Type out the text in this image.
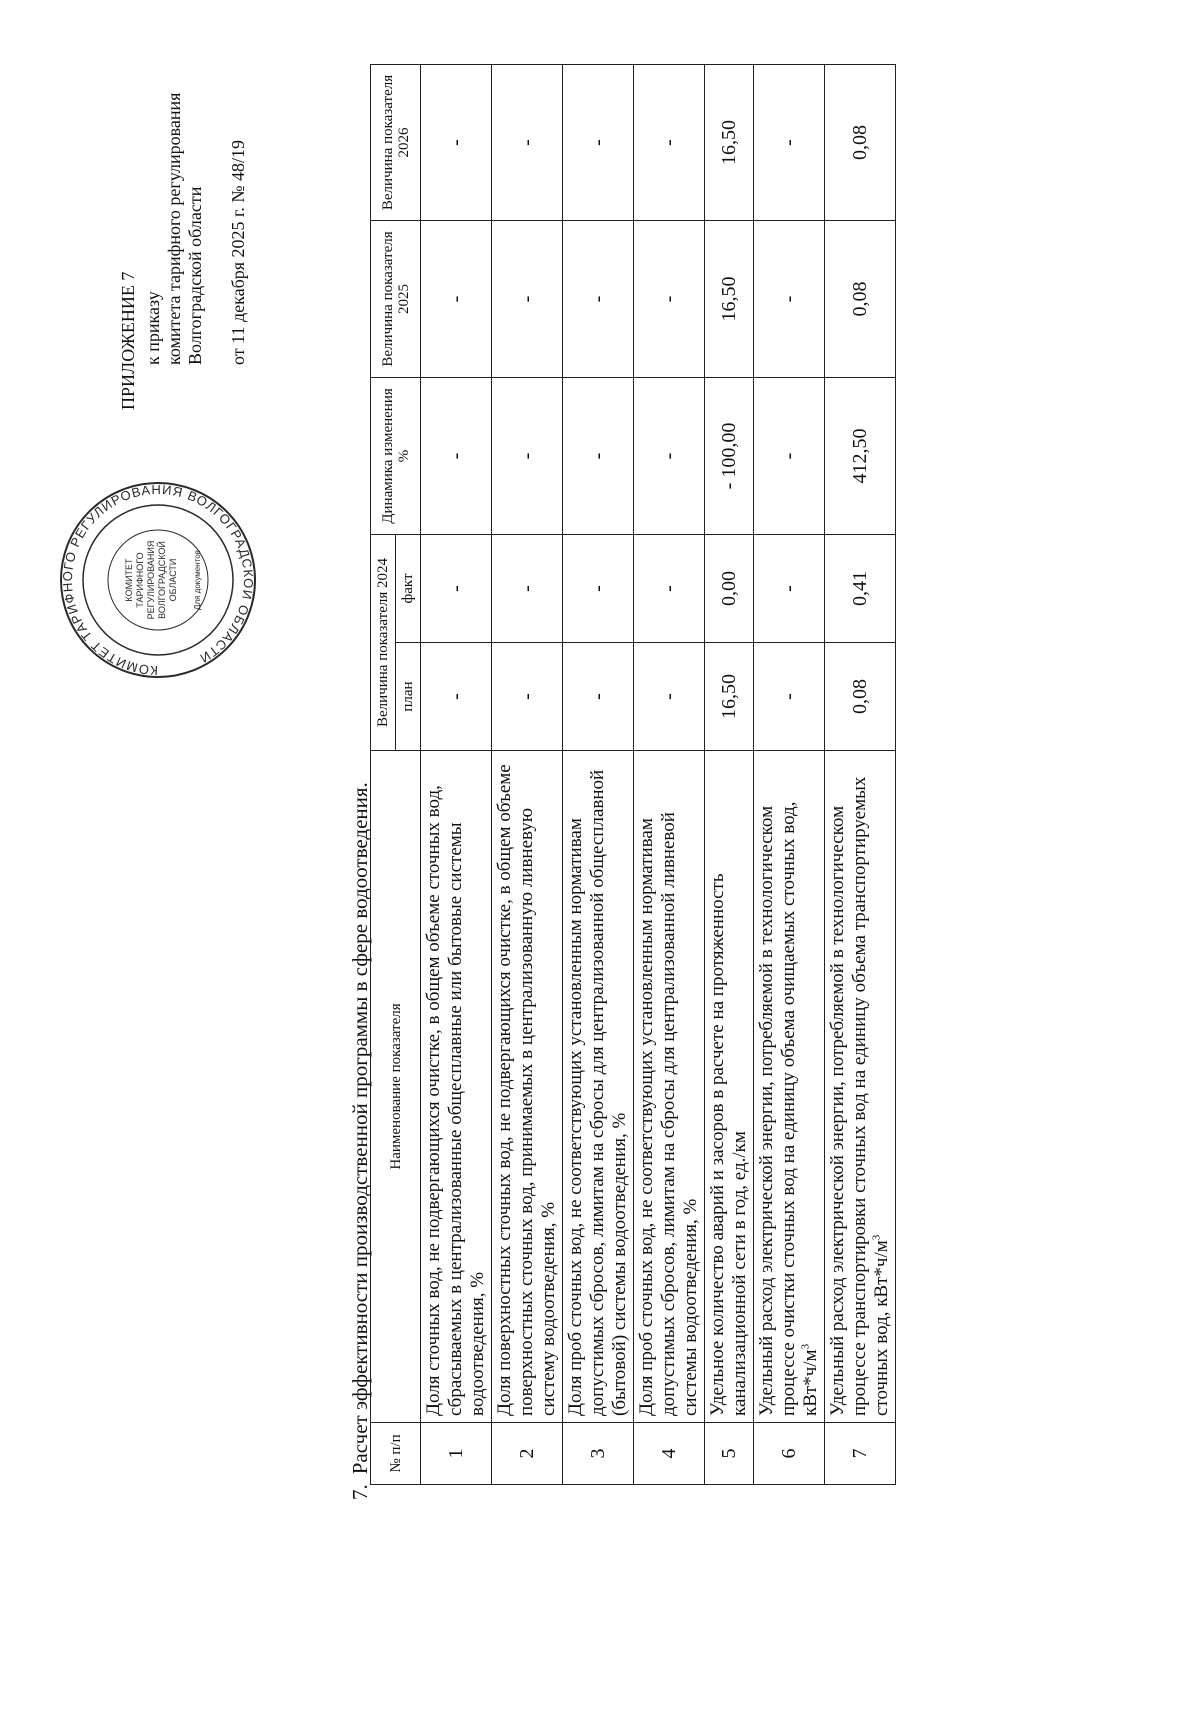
КОМИТЕТ ТАРИФНОГО РЕГУЛИРОВАНИЯ ВОЛГОГРАДСКОЙ ОБЛАСТИ
КОМИТЕТ ТАРИФНОГО РЕГУЛИРОВАНИЯ ВОЛГОГРАДСКОЙ ОБЛАСТИ Для документов
ПРИЛОЖЕНИЕ 7 к приказу комитета тарифного регулирования Волгоградской области от 11 декабря 2025 г. № 48/19
7.Расчет эффективности производственной программы в сфере водоотведения. № п/п	Наименование показателя	Величина показателя 2024		Динамика изменения %	Величина показателя 2025	Величина показателя 2026
		план	факт			
1	Доля сточных вод, не подвергающихся очистке, в общем объеме сточных вод, сбрасываемых в централизованные общесплавные или бытовые системы водоотведения, %	-	-	-	-	-
2	Доля поверхностных сточных вод, не подвергающихся очистке, в общем объеме поверхностных сточных вод, принимаемых в централизованную ливневую систему водоотведения, %	-	-	-	-	-
3	Доля проб сточных вод, не соответствующих установленным нормативам допустимых сбросов, лимитам на сбросы для централизованной общесплавной (бытовой) системы водоотведения, %	-	-	-	-	-
4	Доля проб сточных вод, не соответствующих установленным нормативам допустимых сбросов, лимитам на сбросы для централизованной ливневой системы водоотведения, %	-	-	-	-	-
5	Удельное количество аварий и засоров в расчете на протяженность канализационной сети в год, ед./км	16,50	0,00	- 100,00	16,50	16,50
6	Удельный расход электрической энергии, потребляемой в технологическом процессе очистки сточных вод на единицу объема очищаемых сточных вод, $кВт*ч/м^3$	-	-	-	-	-
7	Удельный расход электрической энергии, потребляемой в технологическом процессе транспортировки сточных вод на единицу объема транспортируемых сточных вод, $кВт*ч/м^3$	0,08	0,41	412,50	0,08	0,08
